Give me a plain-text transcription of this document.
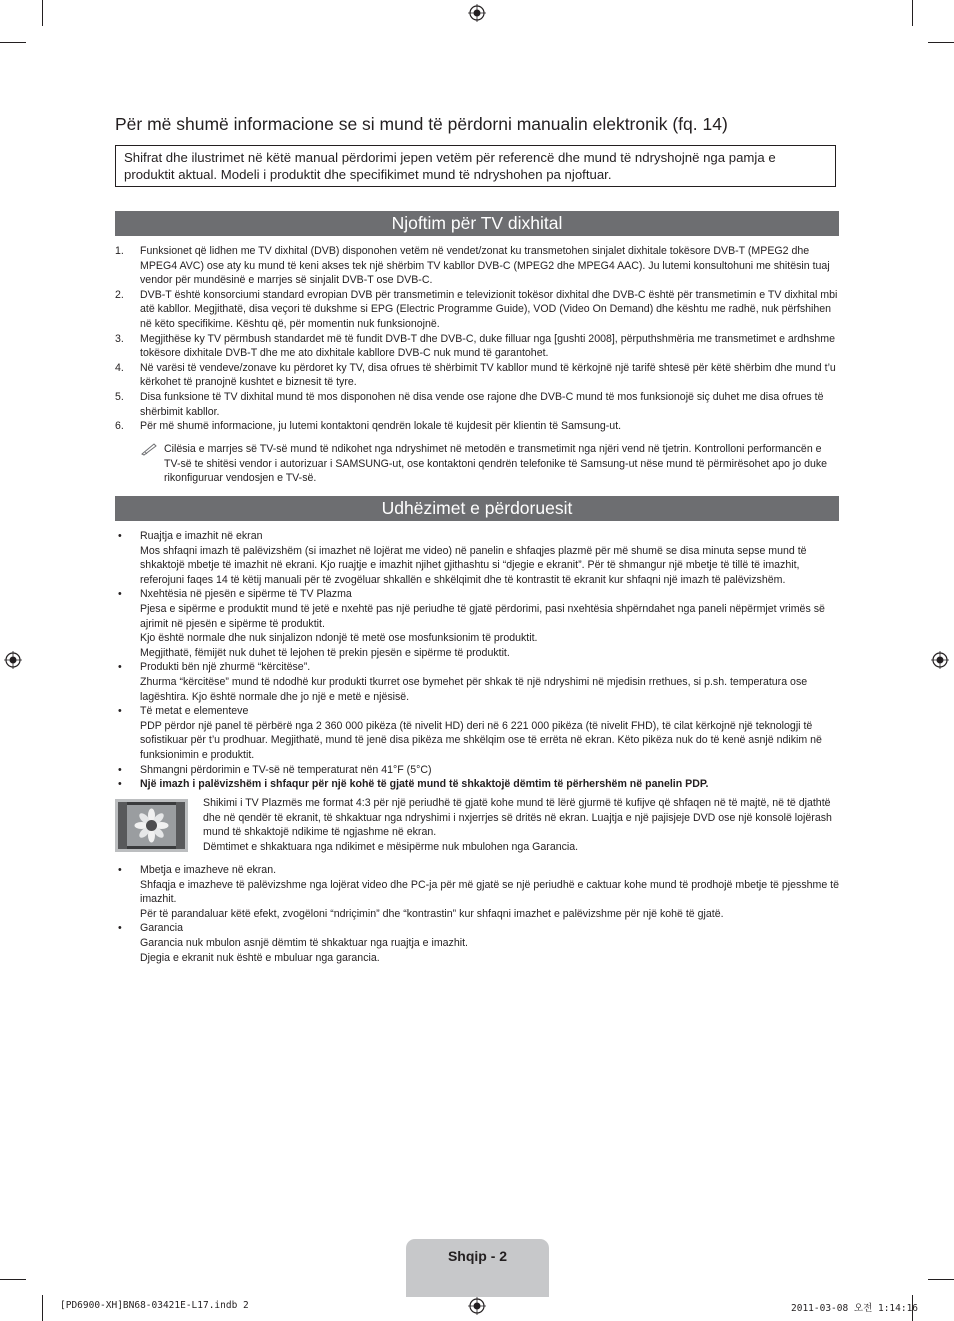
Për më shumë informacione se si mund të përdorni manualin elektronik (fq. 14)
Shifrat dhe ilustrimet në këtë manual përdorimi jepen vetëm për referencë dhe mund të ndryshojnë nga pamja e produktit aktual. Modeli i produktit dhe specifikimet mund të ndryshohen pa njoftuar.
Njoftim për TV dixhital
1. Funksionet që lidhen me TV dixhital (DVB) disponohen vetëm në vendet/zonat ku transmetohen sinjalet dixhitale tokësore DVB-T (MPEG2 dhe MPEG4 AVC) ose aty ku mund të keni akses tek një shërbim TV kabllor DVB-C (MPEG2 dhe MPEG4 AAC). Ju lutemi konsultohuni me shitësin tuaj vendor për mundësinë e marrjes së sinjalit DVB-T ose DVB-C.
2. DVB-T është konsorciumi standard evropian DVB për transmetimin e televizionit tokësor dixhital dhe DVB-C është për transmetimin e TV dixhital mbi atë kabllor. Megjithatë, disa veçori të dukshme si EPG (Electric Programme Guide), VOD (Video On Demand) dhe kështu me radhë, nuk përfshihen në këto specifikime. Kështu që, për momentin nuk funksionojnë.
3. Megjithëse ky TV përmbush standardet më të fundit DVB-T dhe DVB-C, duke filluar nga [gushti 2008], përputhshmëria me transmetimet e ardhshme tokësore dixhitale DVB-T dhe me ato dixhitale kabllore DVB-C nuk mund të garantohet.
4. Në varësi të vendeve/zonave ku përdoret ky TV, disa ofrues të shërbimit TV kabllor mund të kërkojnë një tarifë shtesë për këtë shërbim dhe mund t’u kërkohet të pranojnë kushtet e biznesit të tyre.
5. Disa funksione të TV dixhital mund të mos disponohen në disa vende ose rajone dhe DVB-C mund të mos funksionojë siç duhet me disa ofrues të shërbimit kabllor.
6. Për më shumë informacione, ju lutemi kontaktoni qendrën lokale të kujdesit për klientin të Samsung-ut.
Cilësia e marrjes së TV-së mund të ndikohet nga ndryshimet në metodën e transmetimit nga njëri vend në tjetrin. Kontrolloni performancën e TV-së te shitësi vendor i autorizuar i SAMSUNG-ut, ose kontaktoni qendrën telefonike të Samsung-ut nëse mund të përmirësohet apo jo duke rikonfiguruar vendosjen e TV-së.
Udhëzimet e përdoruesit
• Ruajtja e imazhit në ekran

Mos shfaqni imazh të palëvizshëm (si imazhet në lojërat me video) në panelin e shfaqjes plazmë për më shumë se disa minuta sepse mund të shkaktojë mbetje të imazhit në ekrani. Kjo ruajtje e imazhit njihet gjithashtu si “djegie e ekranit”. Për të shmangur një mbetje të tillë të imazhit, referojuni faqes 14 të këtij manuali për të zvogëluar shkallën e shkëlqimit dhe të kontrastit të ekranit kur shfaqni një imazh të palëvizshëm.

• Nxehtësia në pjesën e sipërme të TV Plazma

Pjesa e sipërme e produktit mund të jetë e nxehtë pas një periudhe të gjatë përdorimi, pasi nxehtësia shpërndahet nga paneli nëpërmjet vrimës së ajrimit në pjesën e sipërme të produktit.

Kjo është normale dhe nuk sinjalizon ndonjë të metë ose mosfunksionim të produktit.

Megjithatë, fëmijët nuk duhet të lejohen të prekin pjesën e sipërme të produktit.

• Produkti bën një zhurmë “kërcitëse”.

Zhurma “kërcitëse” mund të ndodhë kur produkti tkurret ose bymehet për shkak të një ndryshimi në mjedisin rrethues, si p.sh. temperatura ose lagështira. Kjo është normale dhe jo një e metë e njësisë.

• Të metat e elementeve

PDP përdor një panel të përbërë nga 2 360 000 pikëza (të nivelit HD) deri në 6 221 000 pikëza (të nivelit FHD), të cilat kërkojnë një teknologji të sofistikuar për t’u prodhuar. Megjithatë, mund të jenë disa pikëza me shkëlqim ose të errëta në ekran. Këto pikëza nuk do të kenë asnjë ndikim në funksionimin e produktit.

• Shmangni përdorimin e TV-së në temperaturat nën 41°F (5°C)
• Një imazh i palëvizshëm i shfaqur për një kohë të gjatë mund të shkaktojë dëmtim të përhershëm në panelin PDP.

Shikimi i TV Plazmës me format 4:3 për një periudhë të gjatë kohe mund të lërë gjurmë të kufijve që shfaqen në të majtë, në të djathtë dhe në qendër të ekranit, të shkaktuar nga ndryshimi i nxjerrjes së dritës në ekran. Luajtja e një pajisjeje DVD ose një konsolë lojërash mund të shkaktojë ndikime të ngjashme në ekran.

Dëmtimet e shkaktuara nga ndikimet e mësipërme nuk mbulohen nga Garancia.

• Mbetja e imazheve në ekran.

Shfaqja e imazheve të palëvizshme nga lojërat video dhe PC-ja për më gjatë se një periudhë e caktuar kohe mund të prodhojë mbetje të pjesshme të imazhit.

Për të parandaluar këtë efekt, zvogëloni “ndriçimin” dhe “kontrastin” kur shfaqni imazhet e palëvizshme për një kohë të gjatë.

• Garancia

Garancia nuk mbulon asnjë dëmtim të shkaktuar nga ruajtja e imazhit.

Djegia e ekranit nuk është e mbuluar nga garancia.

Shqip - 2
[PD6900-XH]BN68-03421E-L17.indb 2	2011-03-08 오전 1:14:16
